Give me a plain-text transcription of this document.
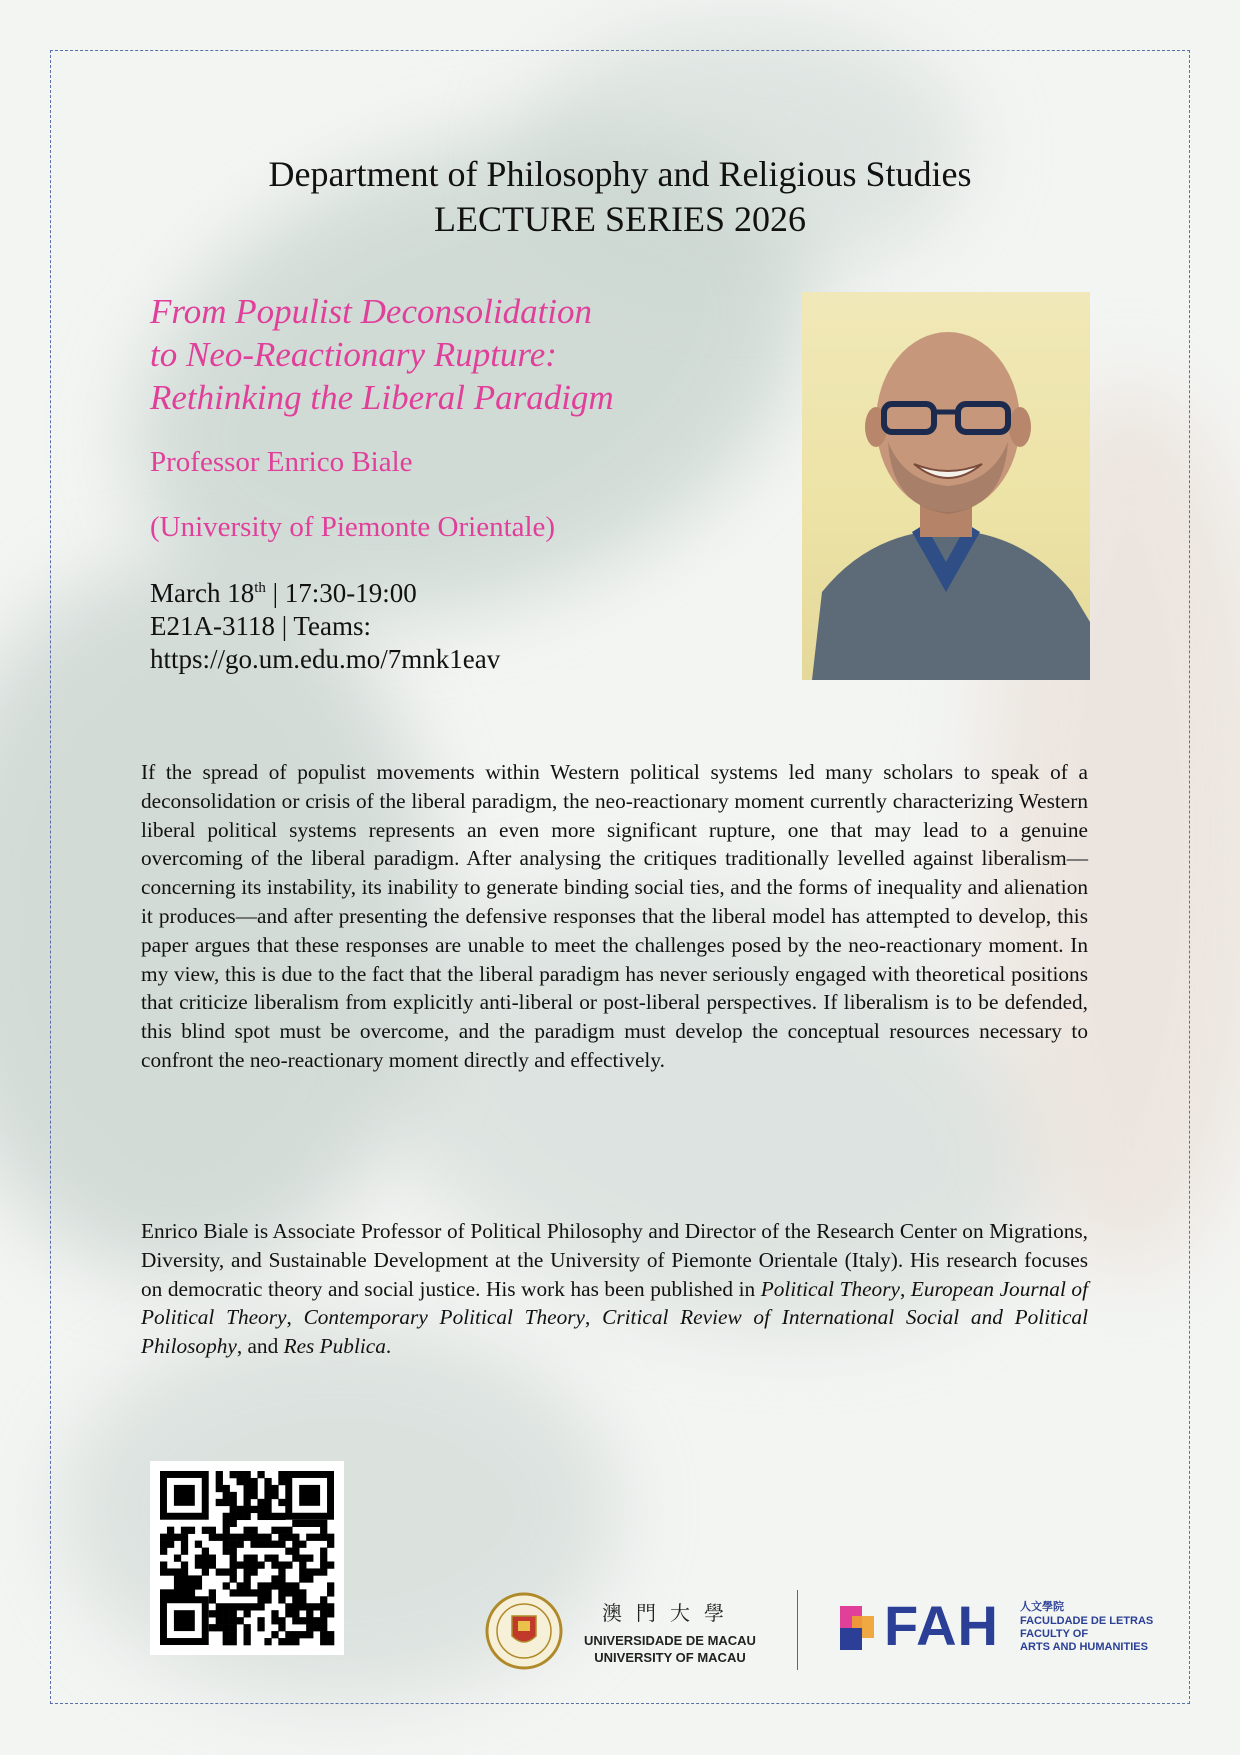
Department of Philosophy and Religious Studies
LECTURE SERIES 2026
From Populist Deconsolidation
to Neo-Reactionary Rupture:
Rethinking the Liberal Paradigm
Professor Enrico Biale
(University of Piemonte Orientale)
March 18th | 17:30-19:00
E21A-3118 | Teams:
https://go.um.edu.mo/7mnk1eav
If the spread of populist movements within Western political systems led many scholars to speak of a deconsolidation or crisis of the liberal paradigm, the neo-reactionary moment currently characterizing Western liberal political systems represents an even more significant rupture, one that may lead to a genuine overcoming of the liberal paradigm. After analysing the critiques traditionally levelled against liberalism—concerning its instability, its inability to generate binding social ties, and the forms of inequality and alienation it produces—and after presenting the defensive responses that the liberal model has attempted to develop, this paper argues that these responses are unable to meet the challenges posed by the neo-reactionary moment. In my view, this is due to the fact that the liberal paradigm has never seriously engaged with theoretical positions that criticize liberalism from explicitly anti-liberal or post-liberal perspectives. If liberalism is to be defended, this blind spot must be overcome, and the paradigm must develop the conceptual resources necessary to confront the neo-reactionary moment directly and effectively.
Enrico Biale is Associate Professor of Political Philosophy and Director of the Research Center on Migrations, Diversity, and Sustainable Development at the University of Piemonte Orientale (Italy). His research focuses on democratic theory and social justice. His work has been published in Political Theory, European Journal of Political Theory, Contemporary Political Theory, Critical Review of International Social and Political Philosophy, and Res Publica.
澳門大學
UNIVERSIDADE DE MACAU
UNIVERSITY OF MACAU
FAH 人文學院
FACULDADE DE LETRAS
FACULTY OF
ARTS AND HUMANITIES
